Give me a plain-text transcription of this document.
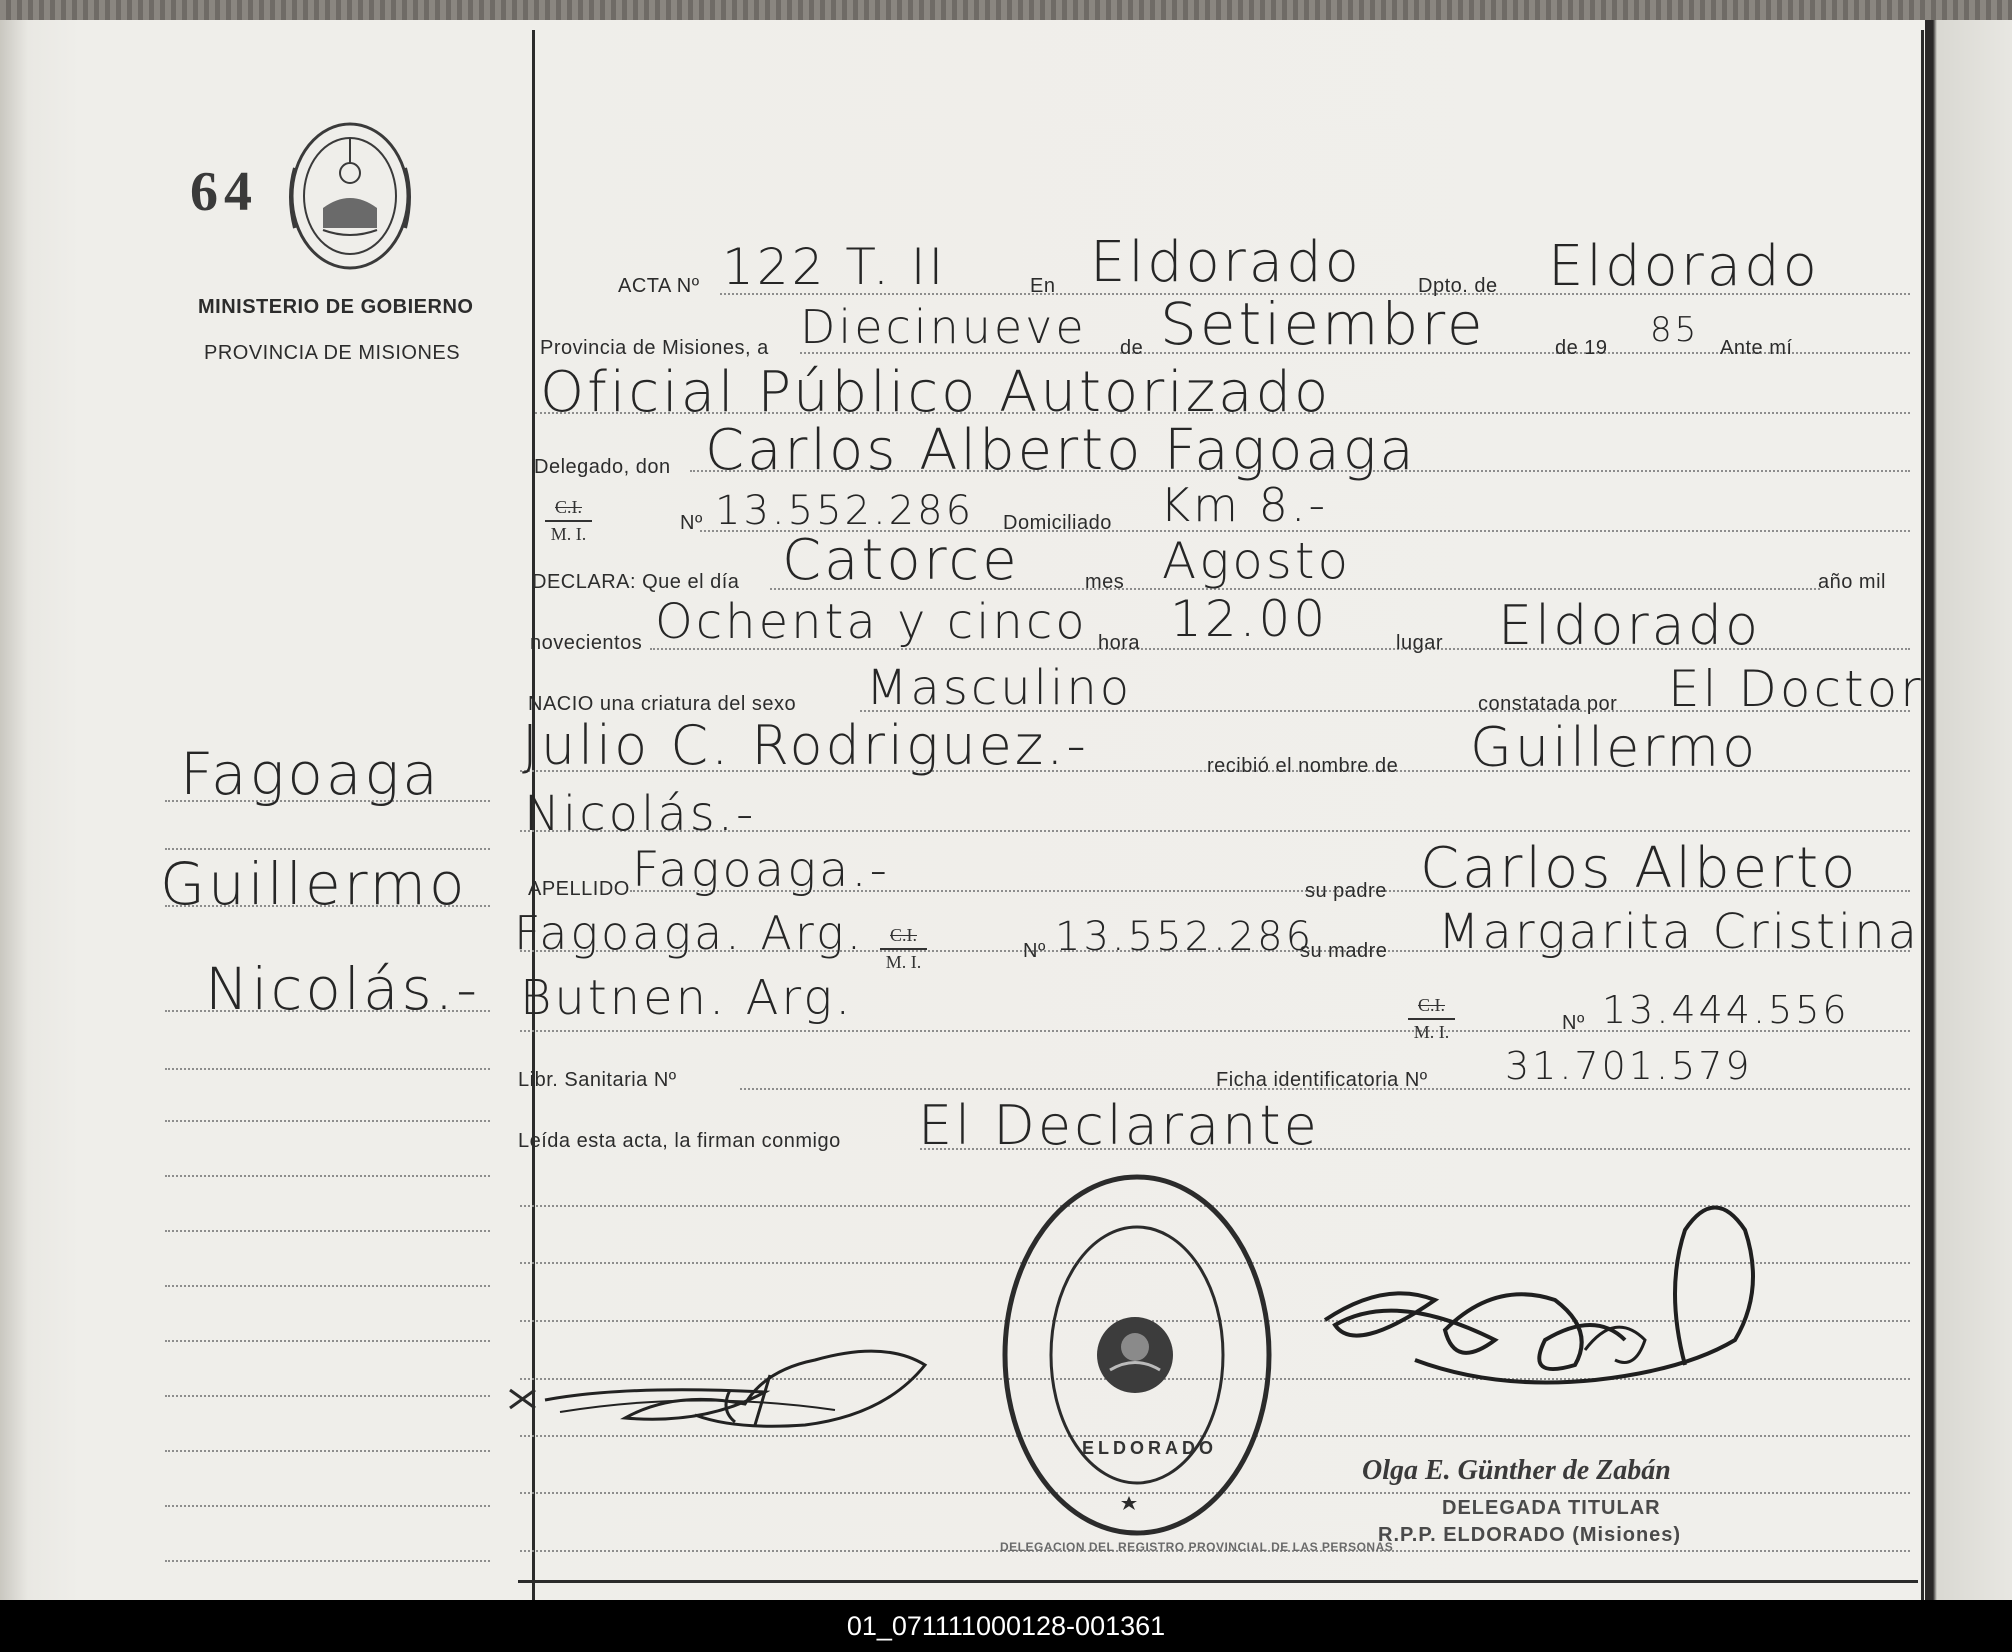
64
MINISTERIO DE GOBIERNO
PROVINCIA DE MISIONES
Fagoaga
Guillermo
Nicolás.-
ACTA Nº 122 T. II	En Eldorado	Dpto. de Eldorado
Provincia de Misiones, a Diecinueve de Setiembre	de 19 85 Ante mí
Oficial Público Autorizado
Delegado, don Carlos Alberto Fagoaga
$\frac{C.I.}{M. I.}$	Nº 13.552.286 Domiciliado Km 8.-
DECLARA: Que el día Catorce	mes Agosto	año mil
novecientos Ochenta y cinco hora 12.00	lugar Eldorado
NACIO una criatura del sexo Masculino	constatada por El Doctor
Julio C. Rodriguez.-	recibió el nombre de Guillermo
Nicolás.-
APELLIDO Fagoaga.-	su padre Carlos Alberto
Fagoaga. Arg. $\frac{C.I.}{M. I.}$	Nº 13.552.286
su madre Margarita Cristina
Butnen. Arg.	$\frac{C.I.}{M. I.}$	Nº 13.444.556
Libr. Sanitaria Nº	Ficha identificatoria Nº 31.701.579
Leída esta acta, la firman conmigo El Declarante
DELEGACION DEL REGISTRO PROVINCIAL DE LAS PERSONAS
ELDORADO
Olga E. Günther de Zabán
DELEGADA TITULAR
R.P.P. ELDORADO (Misiones)
01_071111000128-001361
